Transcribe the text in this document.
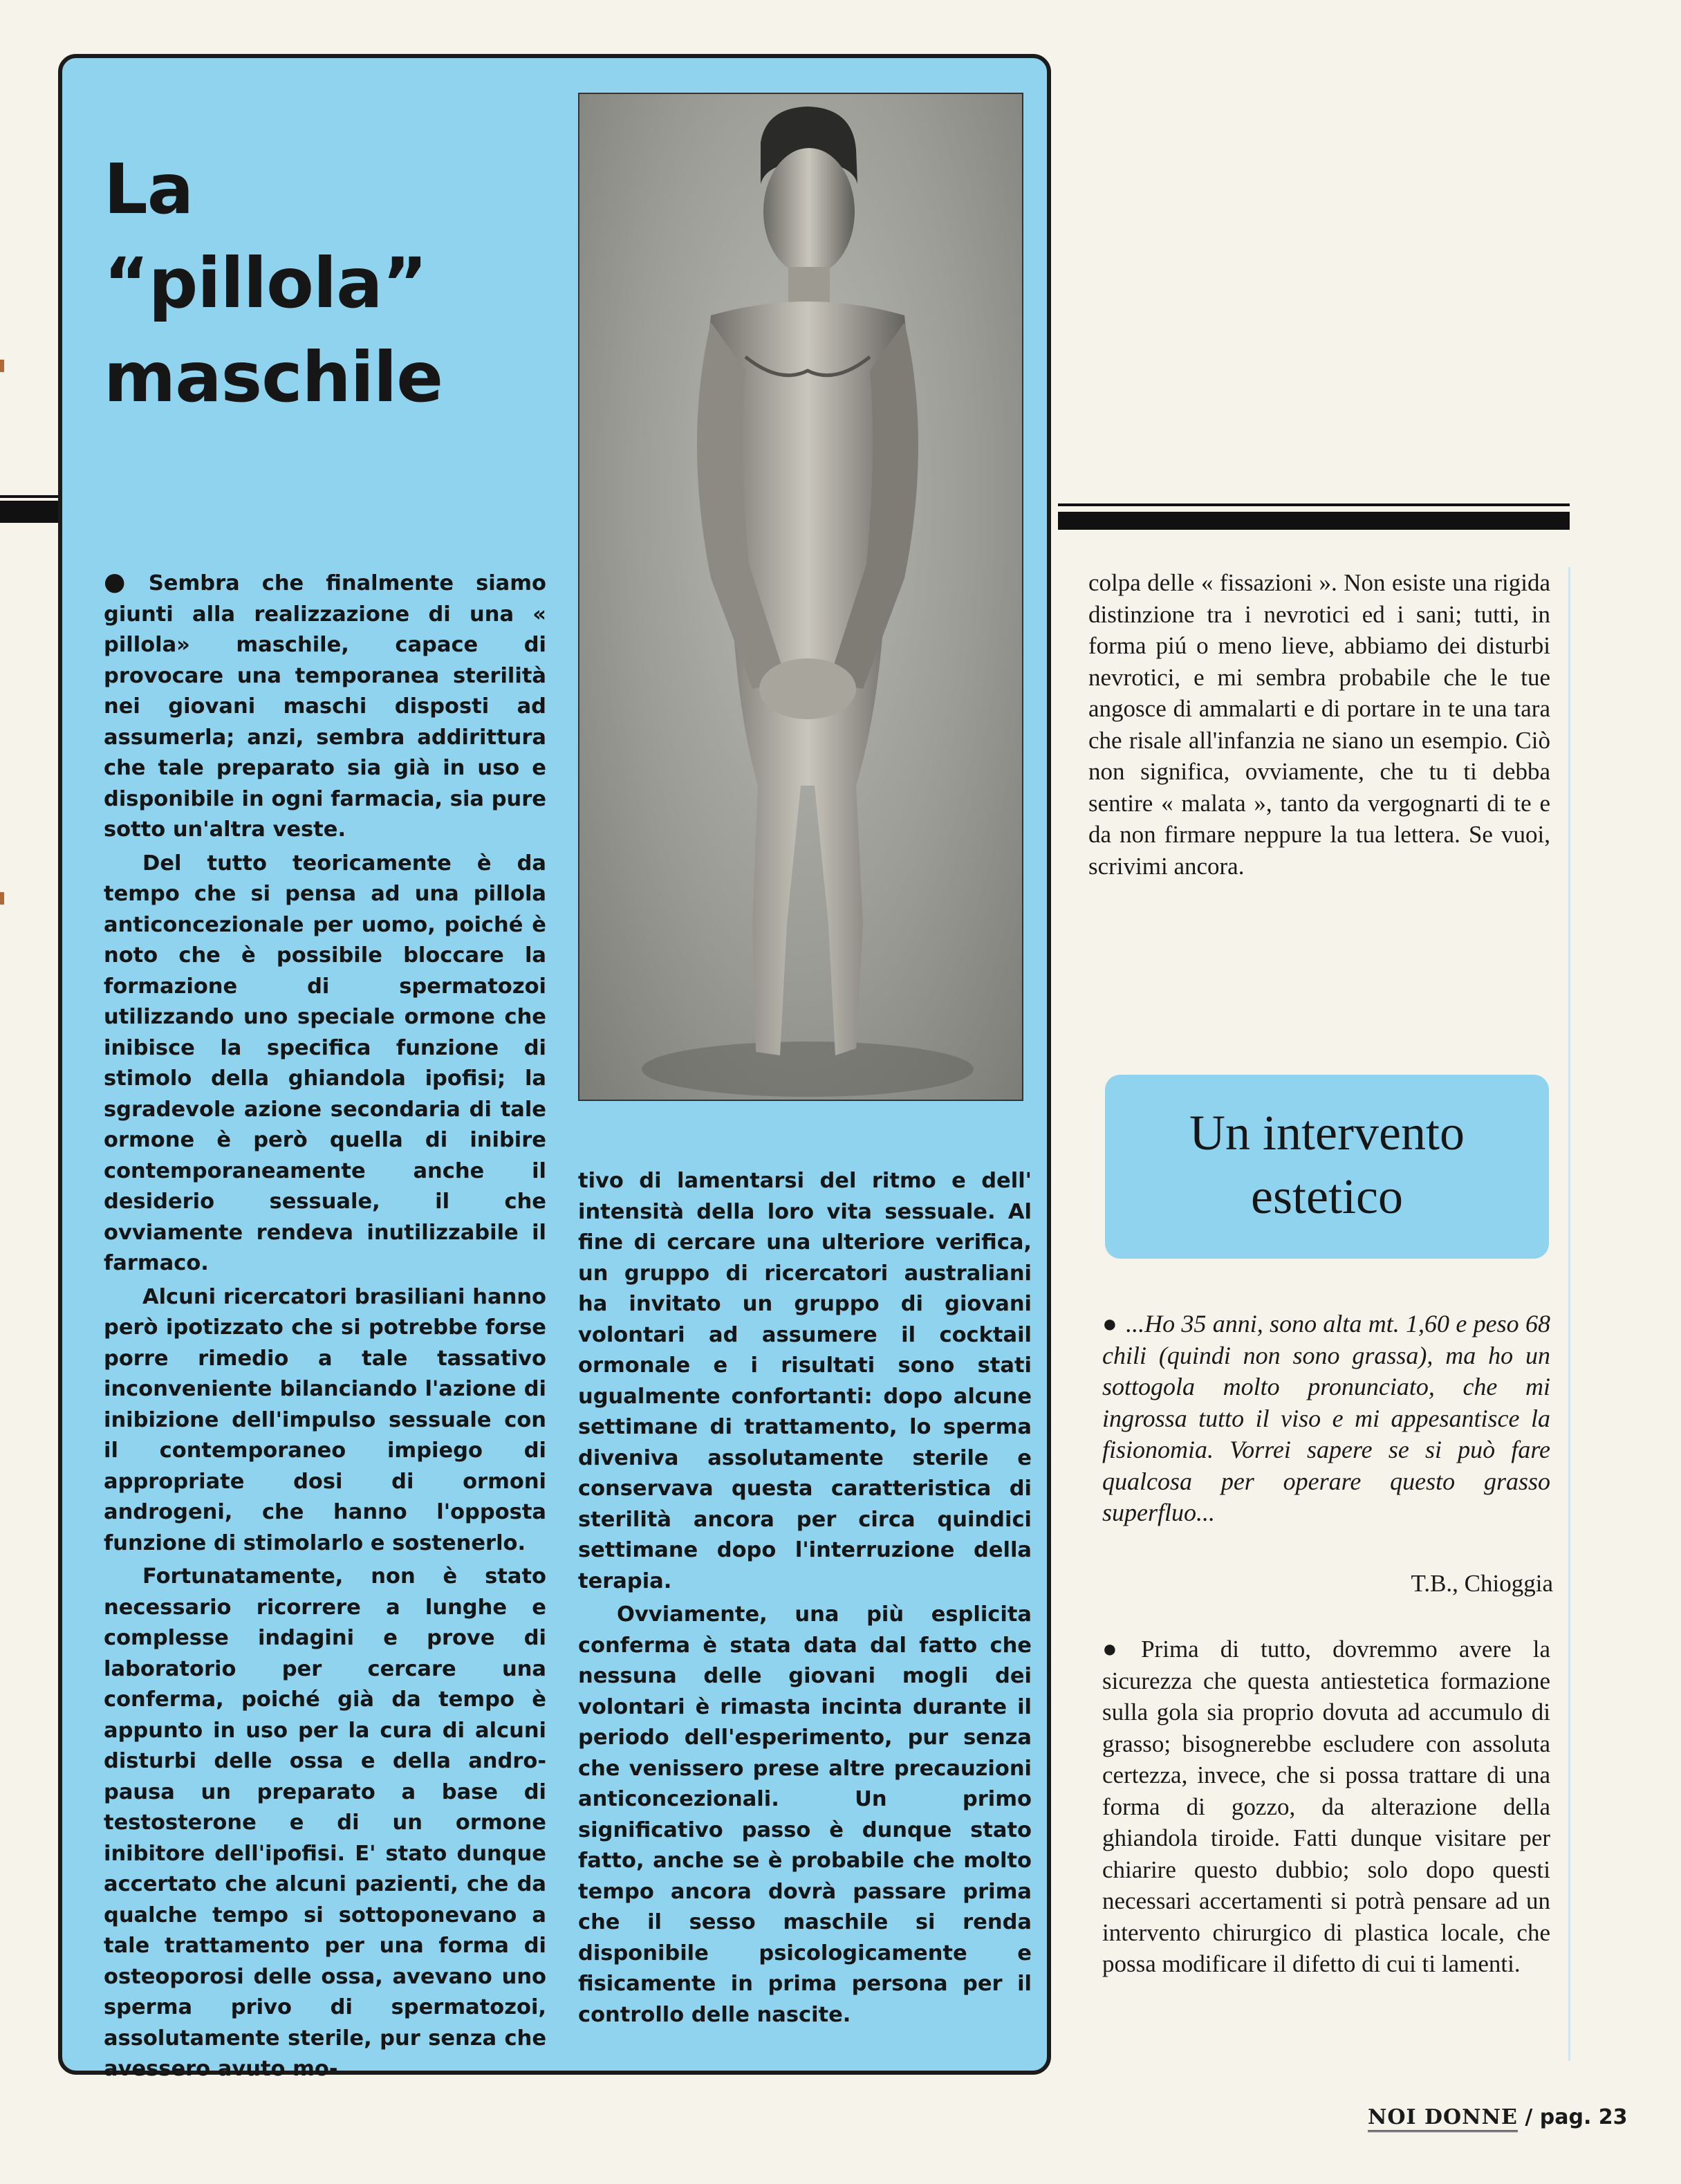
La
“pillola”
maschile

● Sembra che finalmente siamo giunti alla realizzazione di una « pillola» maschile, capace di provocare una temporanea sterilità nei giovani maschi disposti ad assumerla; anzi, sembra addirittura che tale preparato sia già in uso e disponibile in ogni farmacia, sia pure sotto un'altra veste.

Del tutto teoricamente è da tempo che si pensa ad una pillola anticoncezionale per uomo, poiché è noto che è possibile bloccare la formazione di spermatozoi utilizzando uno speciale ormone che inibisce la specifica funzione di stimolo della ghiandola ipofisi; la sgradevole azione secondaria di tale ormone è però quella di inibire contemporaneamente anche il desiderio sessuale, il che ovviamente rendeva inutilizzabile il farmaco.

Alcuni ricercatori brasiliani hanno però ipotizzato che si potrebbe forse porre rimedio a tale tassativo inconveniente bilanciando l'azione di inibizione dell'impulso sessuale con il contemporaneo impiego di appropriate dosi di ormoni androgeni, che hanno l'opposta funzione di stimolarlo e sostenerlo.

Fortunatamente, non è stato necessario ricorrere a lunghe e complesse indagini e prove di laboratorio per cercare una conferma, poiché già da tempo è appunto in uso per la cura di alcuni disturbi delle ossa e della andro-pausa un preparato a base di testosterone e di un ormone inibitore dell'ipofisi. E' stato dunque accertato che alcuni pazienti, che da qualche tempo si sottoponevano a tale trattamento per una forma di osteoporosi delle ossa, avevano uno sperma privo di spermatozoi, assolutamente sterile, pur senza che avessero avuto mo-

tivo di lamentarsi del ritmo e dell' intensità della loro vita sessuale. Al fine di cercare una ulteriore verifica, un gruppo di ricercatori australiani ha invitato un gruppo di giovani volontari ad assumere il cocktail ormonale e i risultati sono stati ugualmente confortanti: dopo alcune settimane di trattamento, lo sperma diveniva assolutamente sterile e conservava questa caratteristica di sterilità ancora per circa quindici settimane dopo l'interruzione della terapia.

Ovviamente, una più esplicita conferma è stata data dal fatto che nessuna delle giovani mogli dei volontari è rimasta incinta durante il periodo dell'esperimento, pur senza che venissero prese altre precauzioni anticoncezionali. Un primo significativo passo è dunque stato fatto, anche se è probabile che molto tempo ancora dovrà passare prima che il sesso maschile si renda disponibile psicologicamente e fisicamente in prima persona per il controllo delle nascite.

colpa delle « fissazioni ». Non esiste una rigida distinzione tra i nevrotici ed i sani; tutti, in forma piú o meno lieve, abbiamo dei disturbi nevrotici, e mi sembra probabile che le tue angosce di ammalarti e di portare in te una tara che risale all'infanzia ne siano un esempio. Ciò non significa, ovviamente, che tu ti debba sentire « malata », tanto da vergognarti di te e da non firmare neppure la tua lettera. Se vuoi, scrivimi ancora.

Un intervento
estetico

● ...Ho 35 anni, sono alta mt. 1,60 e peso 68 chili (quindi non sono grassa), ma ho un sottogola molto pronunciato, che mi ingrossa tutto il viso e mi appesantisce la fisionomia. Vorrei sapere se si può fare qualcosa per operare questo grasso superfluo...

T.B., Chioggia

● Prima di tutto, dovremmo avere la sicurezza che questa antiestetica formazione sulla gola sia proprio dovuta ad accumulo di grasso; bisognerebbe escludere con assoluta certezza, invece, che si possa trattare di una forma di gozzo, da alterazione della ghiandola tiroide. Fatti dunque visitare per chiarire questo dubbio; solo dopo questi necessari accertamenti si potrà pensare ad un intervento chirurgico di plastica locale, che possa modificare il difetto di cui ti lamenti.

NOI DONNE / pag. 23
